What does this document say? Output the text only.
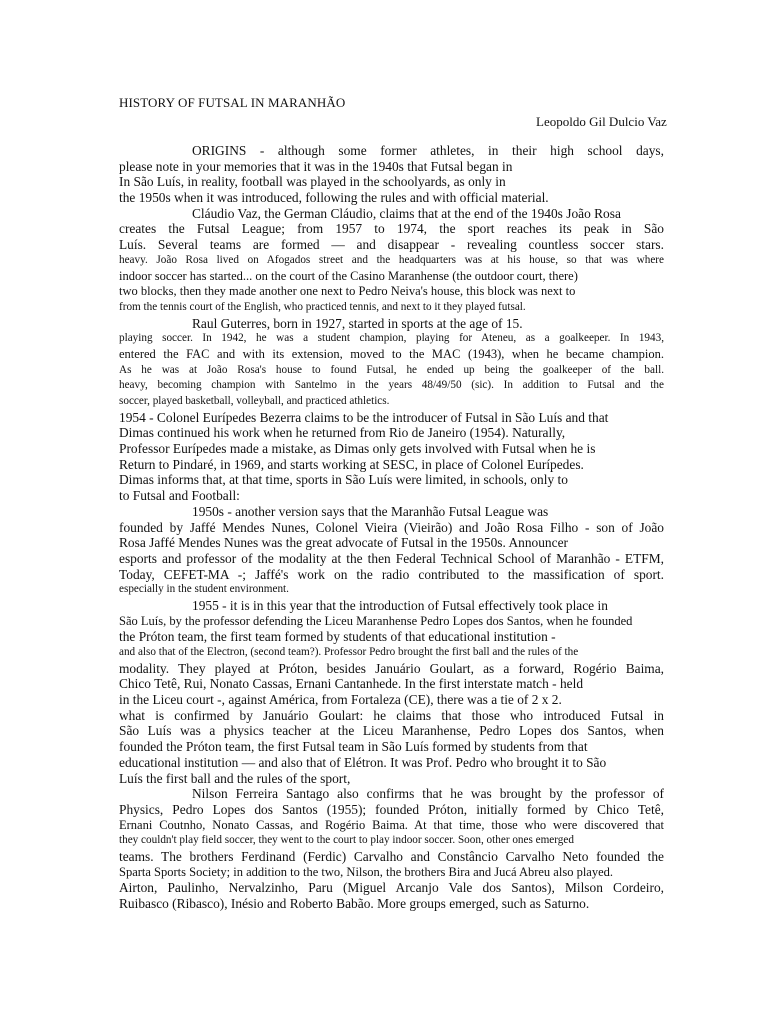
HISTORY OF FUTSAL IN MARANHÃO
Leopoldo Gil Dulcio Vaz
ORIGINS - although some former athletes, in their high school days,
please note in your memories that it was in the 1940s that Futsal began in
In São Luís, in reality, football was played in the schoolyards, as only in
the 1950s when it was introduced, following the rules and with official material.
Cláudio Vaz, the German Cláudio, claims that at the end of the 1940s João Rosa
creates the Futsal League; from 1957 to 1974, the sport reaches its peak in São
Luís. Several teams are formed — and disappear - revealing countless soccer stars.
heavy. João Rosa lived on Afogados street and the headquarters was at his house, so that was where
indoor soccer has started... on the court of the Casino Maranhense (the outdoor court, there)
two blocks, then they made another one next to Pedro Neiva's house, this block was next to
from the tennis court of the English, who practiced tennis, and next to it they played futsal.
Raul Guterres, born in 1927, started in sports at the age of 15.
playing soccer. In 1942, he was a student champion, playing for Ateneu, as a goalkeeper. In 1943,
entered the FAC and with its extension, moved to the MAC (1943), when he became champion.
As he was at João Rosa's house to found Futsal, he ended up being the goalkeeper of the ball.
heavy, becoming champion with Santelmo in the years 48/49/50 (sic). In addition to Futsal and the
soccer, played basketball, volleyball, and practiced athletics.
1954 - Colonel Eurípedes Bezerra claims to be the introducer of Futsal in São Luís and that
Dimas continued his work when he returned from Rio de Janeiro (1954). Naturally,
Professor Eurípedes made a mistake, as Dimas only gets involved with Futsal when he is
Return to Pindaré, in 1969, and starts working at SESC, in place of Colonel Eurípedes.
Dimas informs that, at that time, sports in São Luís were limited, in schools, only to
to Futsal and Football:
1950s - another version says that the Maranhão Futsal League was
founded by Jaffé Mendes Nunes, Colonel Vieira (Vieirão) and João Rosa Filho - son of João
Rosa Jaffé Mendes Nunes was the great advocate of Futsal in the 1950s. Announcer
esports and professor of the modality at the then Federal Technical School of Maranhão - ETFM,
Today, CEFET-MA -; Jaffé's work on the radio contributed to the massification of sport.
especially in the student environment.
1955 - it is in this year that the introduction of Futsal effectively took place in
São Luís, by the professor defending the Liceu Maranhense Pedro Lopes dos Santos, when he founded
the Próton team, the first team formed by students of that educational institution -
and also that of the Electron, (second team?). Professor Pedro brought the first ball and the rules of the
modality. They played at Próton, besides Januário Goulart, as a forward, Rogério Baima,
Chico Tetê, Rui, Nonato Cassas, Ernani Cantanhede. In the first interstate match - held
in the Liceu court -, against América, from Fortaleza (CE), there was a tie of 2 x 2.
what is confirmed by Januário Goulart: he claims that those who introduced Futsal in
São Luís was a physics teacher at the Liceu Maranhense, Pedro Lopes dos Santos, when
founded the Próton team, the first Futsal team in São Luís formed by students from that
educational institution — and also that of Elétron. It was Prof. Pedro who brought it to São
Luís the first ball and the rules of the sport,
Nilson Ferreira Santago also confirms that he was brought by the professor of
Physics, Pedro Lopes dos Santos (1955); founded Próton, initially formed by Chico Tetê,
Ernani Coutnho, Nonato Cassas, and Rogério Baima. At that time, those who were discovered that
they couldn't play field soccer, they went to the court to play indoor soccer. Soon, other ones emerged
teams. The brothers Ferdinand (Ferdic) Carvalho and Constâncio Carvalho Neto founded the
Sparta Sports Society; in addition to the two, Nilson, the brothers Bira and Jucá Abreu also played.
Airton, Paulinho, Nervalzinho, Paru (Miguel Arcanjo Vale dos Santos), Milson Cordeiro,
Ruibasco (Ribasco), Inésio and Roberto Babão. More groups emerged, such as Saturno.
